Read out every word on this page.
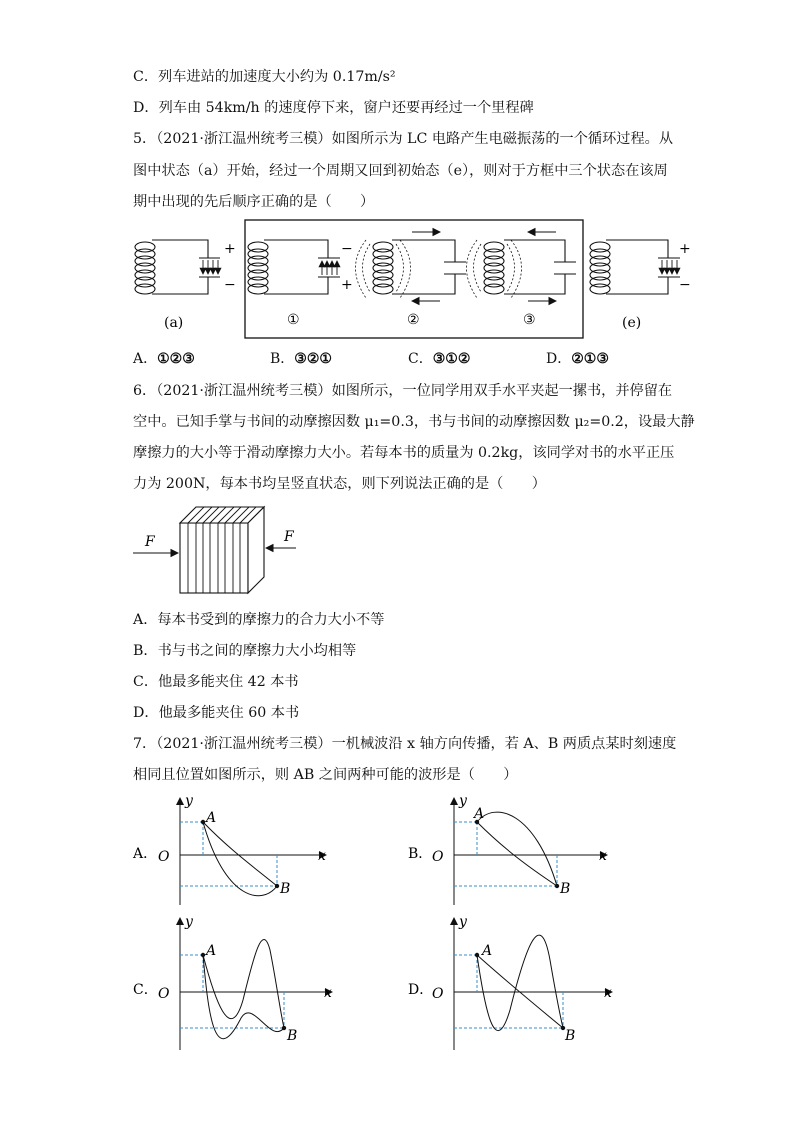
C．列车进站的加速度大小约为 0.17m/s²
D．列车由 54km/h 的速度停下来，窗户还要再经过一个里程碑
5．（2021·浙江温州统考三模）如图所示为 LC 电路产生电磁振荡的一个循环过程。从
图中状态（a）开始，经过一个周期又回到初始态（e），则对于方框中三个状态在该周
期中出现的先后顺序正确的是（　　）
+
−
(a)
−
+
①	②	③
+
−
(e)
A．①②③	B．③②①	C．③①②	D．②①③
6．（2021·浙江温州统考三模）如图所示，一位同学用双手水平夹起一摞书，并停留在
空中。已知手掌与书间的动摩擦因数 μ₁=0.3，书与书间的动摩擦因数 μ₂=0.2，设最大静
摩擦力的大小等于滑动摩擦力大小。若每本书的质量为 0.2kg，该同学对书的水平正压
力为 200N，每本书均呈竖直状态，则下列说法正确的是（　　）
F	F
A．每本书受到的摩擦力的合力大小不等
B．书与书之间的摩擦力大小均相等
C．他最多能夹住 42 本书
D．他最多能夹住 60 本书
7．（2021·浙江温州统考三模）一机械波沿 x 轴方向传播，若 A、B 两质点某时刻速度
相同且位置如图所示，则 AB 之间两种可能的波形是（　　）
A． O	x
y
A
B
B． O	x
y
A
B
C． O	x
y
A
B
D．
O	x
y
A
B
